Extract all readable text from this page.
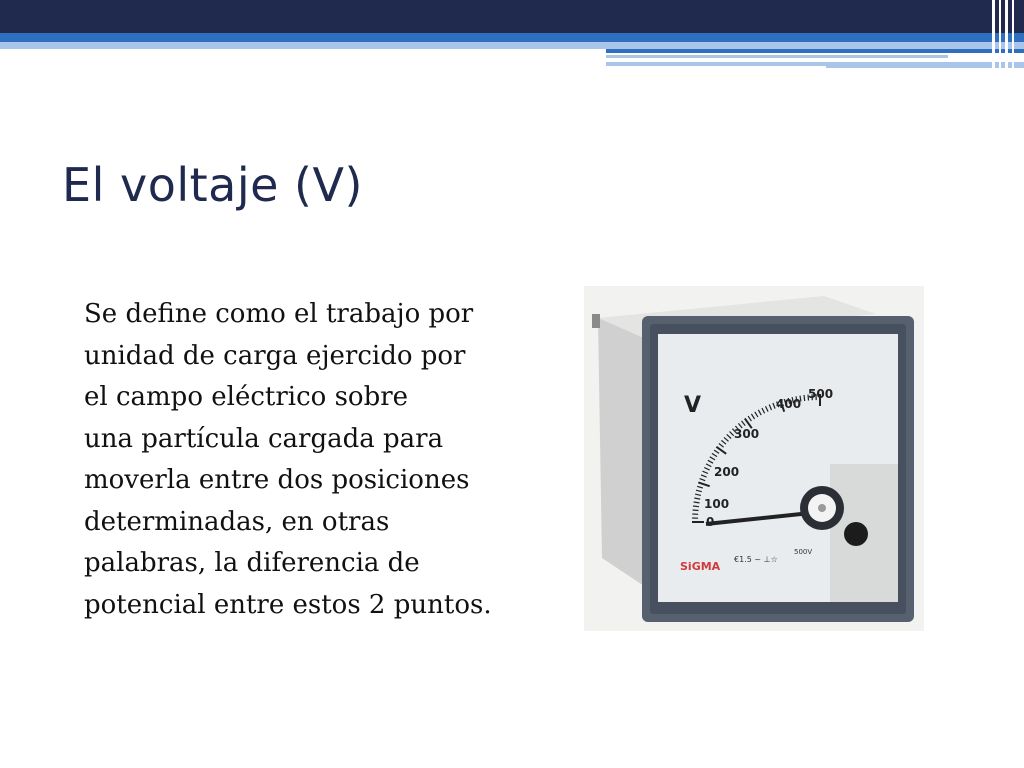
El voltaje (V)
Se define como el trabajo por
unidad de carga ejercido por
el campo eléctrico sobre
una partícula cargada para
moverla entre dos posiciones
determinadas, en otras
palabras, la diferencia de
potencial entre estos 2 puntos.
V
100
200
300
400
500
SiGMA
€1.5 ~ ⊥☆
500V
